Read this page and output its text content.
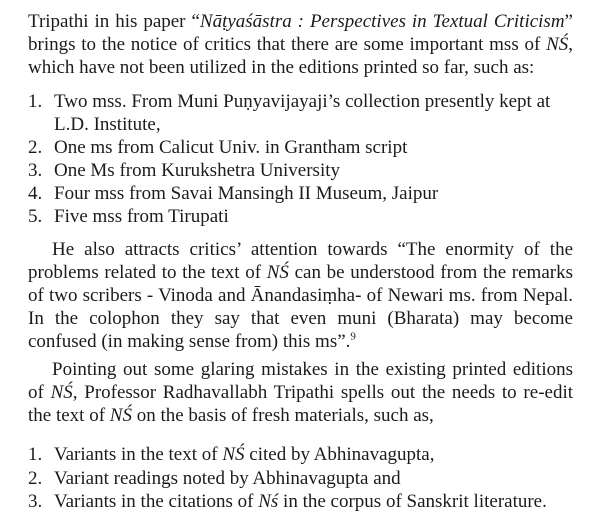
Tripathi in his paper “Nāṭyaśāstra : Perspectives in Textual Criticism” brings to the notice of critics that there are some important mss of NŚ, which have not been utilized in the editions printed so far, such as:

1. Two mss. From Muni Puṇyavijayaji’s collection presently kept at L.D. Institute,
2. One ms from Calicut Univ. in Grantham script
3. One Ms from Kurukshetra University
4. Four mss from Savai Mansingh II Museum, Jaipur
5. Five mss from Tirupati

He also attracts critics’ attention towards “The enormity of the problems related to the text of NŚ can be understood from the remarks of two scribers - Vinoda and Ānandasiṃha- of Newari ms. from Nepal. In the colophon they say that even muni (Bharata) may become confused (in making sense from) this ms”.$^9$

Pointing out some glaring mistakes in the existing printed editions of NŚ, Professor Radhavallabh Tripathi spells out the needs to re-edit the text of NŚ on the basis of fresh materials, such as,

1. Variants in the text of NŚ cited by Abhinavagupta,
2. Variant readings noted by Abhinavagupta and
3. Variants in the citations of Nś in the corpus of Sanskrit literature.
